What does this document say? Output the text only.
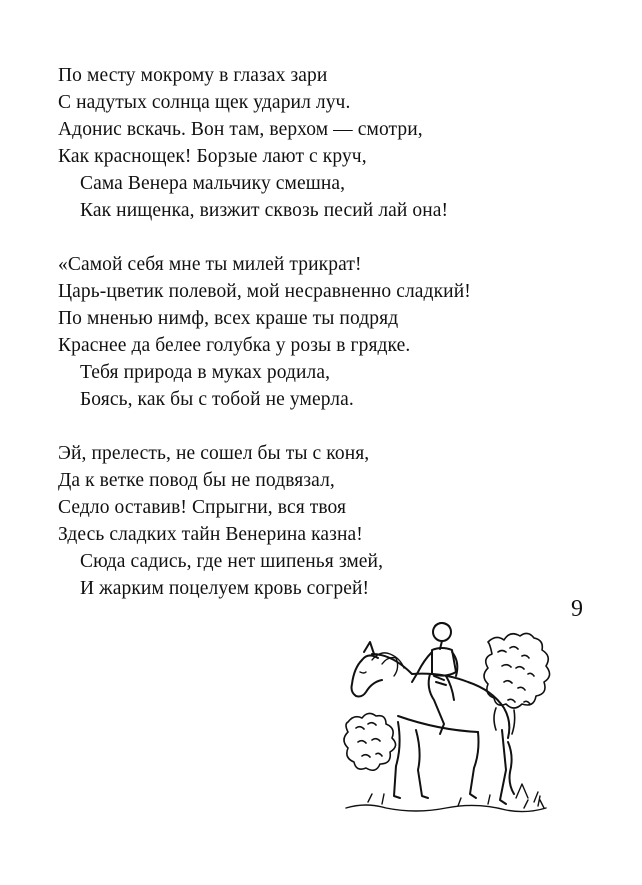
По месту мокрому в глазах зари
С надутых солнца щек ударил луч.
Адонис вскачь. Вон там, верхом — смотри,
Как краснощек! Борзые лают с круч,
Сама Венера мальчику смешна,
Как нищенка, визжит сквозь песий лай она!
«Самой себя мне ты милей трикрат!
Царь-цветик полевой, мой несравненно сладкий!
По мненью нимф, всех краше ты подряд
Краснее да белее голубка у розы в грядке.
Тебя природа в муках родила,
Боясь, как бы с тобой не умерла.
Эй, прелесть, не сошел бы ты с коня,
Да к ветке повод бы не подвязал,
Седло оставив! Спрыгни, вся твоя
Здесь сладких тайн Венерина казна!
Сюда садись, где нет шипенья змей,
И жарким поцелуем кровь согрей!
9
